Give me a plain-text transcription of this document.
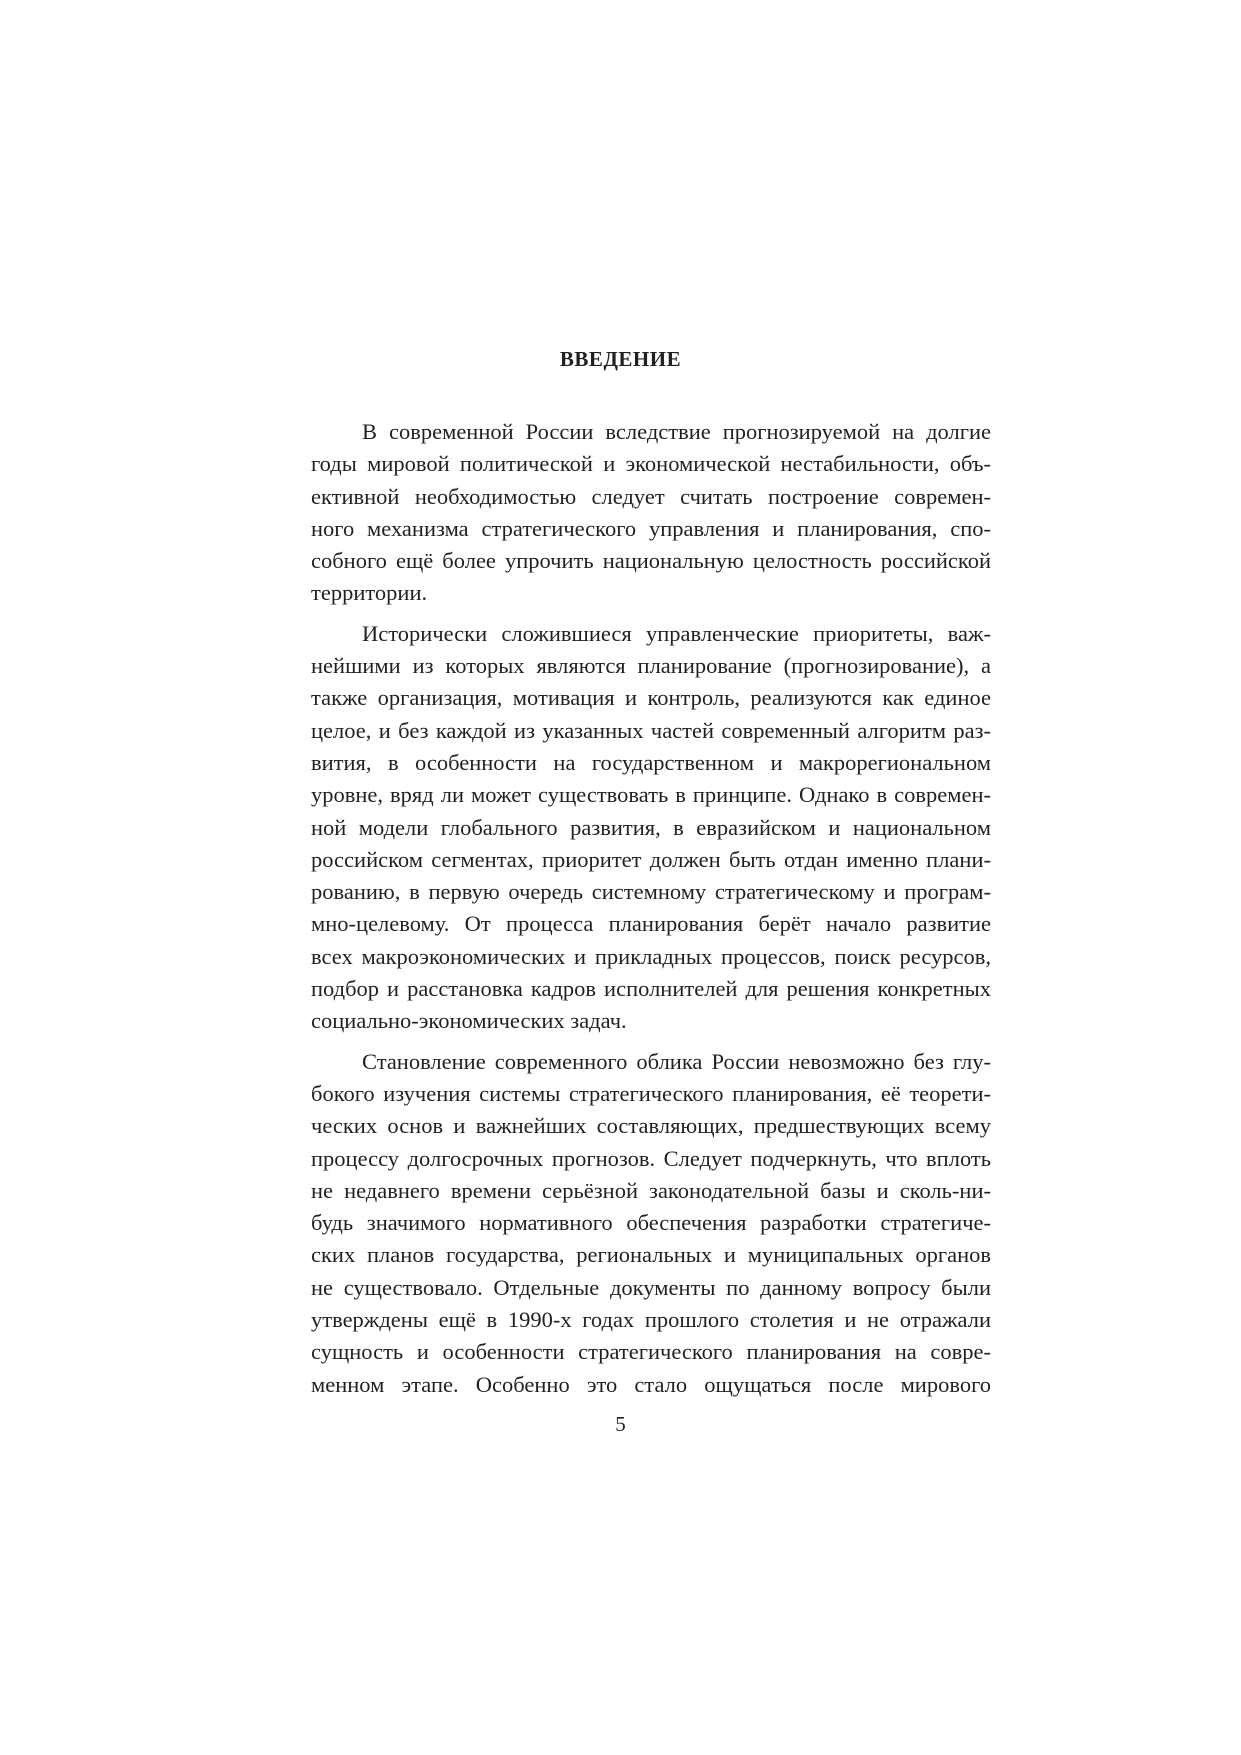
ВВЕДЕНИЕ
В современной России вследствие прогнозируемой на долгие
годы мировой политической и экономической нестабильности, объ-
ективной необходимостью следует считать построение современ-
ного механизма стратегического управления и планирования, спо-
собного ещё более упрочить национальную целостность российской
территории.
Исторически сложившиеся управленческие приоритеты, важ-
нейшими из которых являются планирование (прогнозирование), а
также организация, мотивация и контроль, реализуются как единое
целое, и без каждой из указанных частей современный алгоритм раз-
вития, в особенности на государственном и макрорегиональном
уровне, вряд ли может существовать в принципе. Однако в современ-
ной модели глобального развития, в евразийском и национальном
российском сегментах, приоритет должен быть отдан именно плани-
рованию, в первую очередь системному стратегическому и програм-
мно-целевому. От процесса планирования берёт начало развитие
всех макроэкономических и прикладных процессов, поиск ресурсов,
подбор и расстановка кадров исполнителей для решения конкретных
социально-экономических задач.
Становление современного облика России невозможно без глу-
бокого изучения системы стратегического планирования, её теорети-
ческих основ и важнейших составляющих, предшествующих всему
процессу долгосрочных прогнозов. Следует подчеркнуть, что вплоть
не недавнего времени серьёзной законодательной базы и сколь-ни-
будь значимого нормативного обеспечения разработки стратегиче-
ских планов государства, региональных и муниципальных органов
не существовало. Отдельные документы по данному вопросу были
утверждены ещё в 1990-х годах прошлого столетия и не отражали
сущность и особенности стратегического планирования на совре-
менном этапе. Особенно это стало ощущаться после мирового

5
